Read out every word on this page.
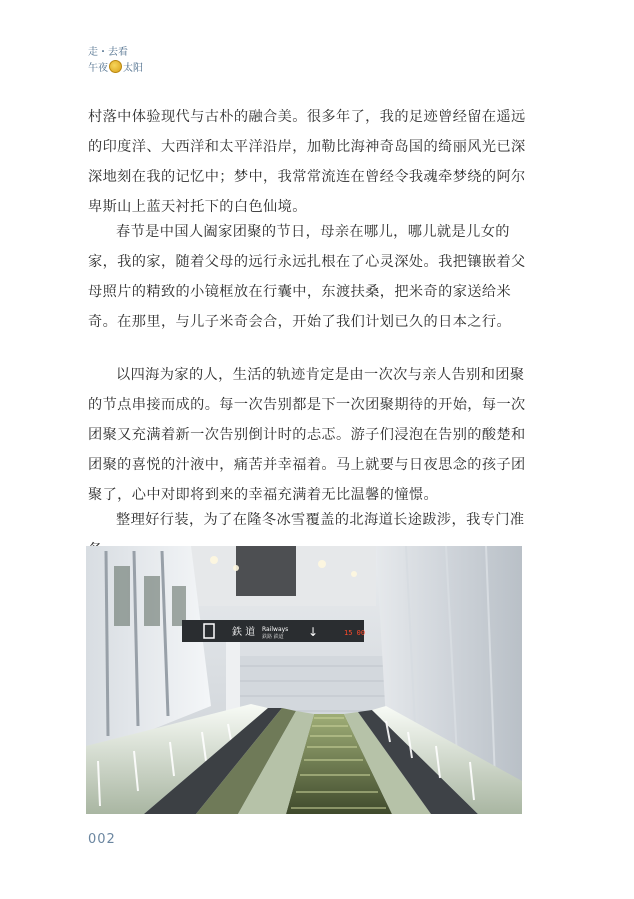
走・去看
午夜 太阳

村落中体验现代与古朴的融合美。很多年了，我的足迹曾经留在遥远的印度洋、大西洋和太平洋沿岸，加勒比海神奇岛国的绮丽风光已深深地刻在我的记忆中；梦中，我常常流连在曾经令我魂牵梦绕的阿尔卑斯山上蓝天衬托下的白色仙境。

春节是中国人阖家团聚的节日，母亲在哪儿，哪儿就是儿女的家，我的家，随着父母的远行永远扎根在了心灵深处。我把镶嵌着父母照片的精致的小镜框放在行囊中，东渡扶桑，把米奇的家送给米奇。在那里，与儿子米奇会合，开始了我们计划已久的日本之行。

以四海为家的人，生活的轨迹肯定是由一次次与亲人告别和团聚的节点串接而成的。每一次告别都是下一次团聚期待的开始，每一次团聚又充满着新一次告别倒计时的忐忑。游子们浸泡在告别的酸楚和团聚的喜悦的汁液中，痛苦并幸福着。马上就要与日夜思念的孩子团聚了，心中对即将到来的幸福充满着无比温馨的憧憬。

整理好行装，为了在隆冬冰雪覆盖的北海道长途跋涉，我专门准

鉄 道 Railways
鉄路 鉄道 ↓	15 00
002
